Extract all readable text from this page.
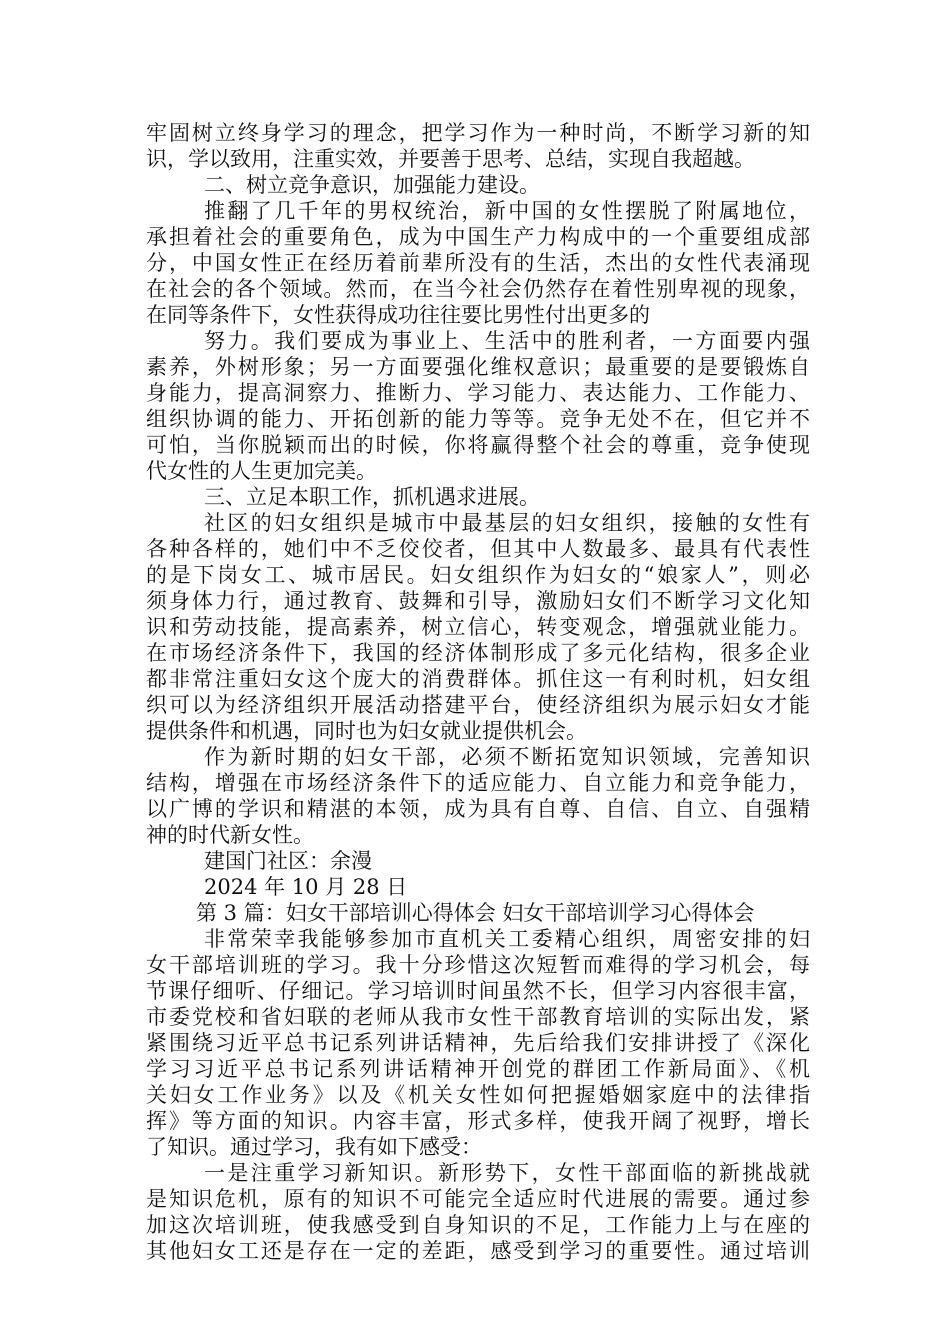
牢固树立终身学习的理念，把学习作为一种时尚，不断学习新的知
识，学以致用，注重实效，并要善于思考、总结，实现自我超越。
二、树立竞争意识，加强能力建设。
推翻了几千年的男权统治，新中国的女性摆脱了附属地位，
承担着社会的重要角色，成为中国生产力构成中的一个重要组成部
分，中国女性正在经历着前辈所没有的生活，杰出的女性代表涌现
在社会的各个领域。然而，在当今社会仍然存在着性别卑视的现象，
在同等条件下，女性获得成功往往要比男性付出更多的
努力。我们要成为事业上、生活中的胜利者，一方面要内强
素养，外树形象；另一方面要强化维权意识；最重要的是要锻炼自
身能力，提高洞察力、推断力、学习能力、表达能力、工作能力、
组织协调的能力、开拓创新的能力等等。竞争无处不在，但它并不
可怕，当你脱颖而出的时候，你将赢得整个社会的尊重，竞争使现
代女性的人生更加完美。
三、立足本职工作，抓机遇求进展。
社区的妇女组织是城市中最基层的妇女组织，接触的女性有
各种各样的，她们中不乏佼佼者，但其中人数最多、最具有代表性
的是下岗女工、城市居民。妇女组织作为妇女的“娘家人”，则必
须身体力行，通过教育、鼓舞和引导，激励妇女们不断学习文化知
识和劳动技能，提高素养，树立信心，转变观念，增强就业能力。
在市场经济条件下，我国的经济体制形成了多元化结构，很多企业
都非常注重妇女这个庞大的消费群体。抓住这一有利时机，妇女组
织可以为经济组织开展活动搭建平台，使经济组织为展示妇女才能
提供条件和机遇，同时也为妇女就业提供机会。
作为新时期的妇女干部，必须不断拓宽知识领域，完善知识
结构，增强在市场经济条件下的适应能力、自立能力和竞争能力，
以广博的学识和精湛的本领，成为具有自尊、自信、自立、自强精
神的时代新女性。
建国门社区：余漫
2024 年 10 月 28 日
第 3 篇：妇女干部培训心得体会 妇女干部培训学习心得体会
非常荣幸我能够参加市直机关工委精心组织，周密安排的妇
女干部培训班的学习。我十分珍惜这次短暂而难得的学习机会，每
节课仔细听、仔细记。学习培训时间虽然不长，但学习内容很丰富，
市委党校和省妇联的老师从我市女性干部教育培训的实际出发，紧
紧围绕习近平总书记系列讲话精神，先后给我们安排讲授了《深化
学习习近平总书记系列讲话精神开创党的群团工作新局面》、《机
关妇女工作业务》以及《机关女性如何把握婚姻家庭中的法律指
挥》等方面的知识。内容丰富，形式多样，使我开阔了视野，增长
了知识。通过学习，我有如下感受：
一是注重学习新知识。新形势下，女性干部面临的新挑战就
是知识危机，原有的知识不可能完全适应时代进展的需要。通过参
加这次培训班，使我感受到自身知识的不足，工作能力上与在座的
其他妇女工还是存在一定的差距，感受到学习的重要性。通过培训
